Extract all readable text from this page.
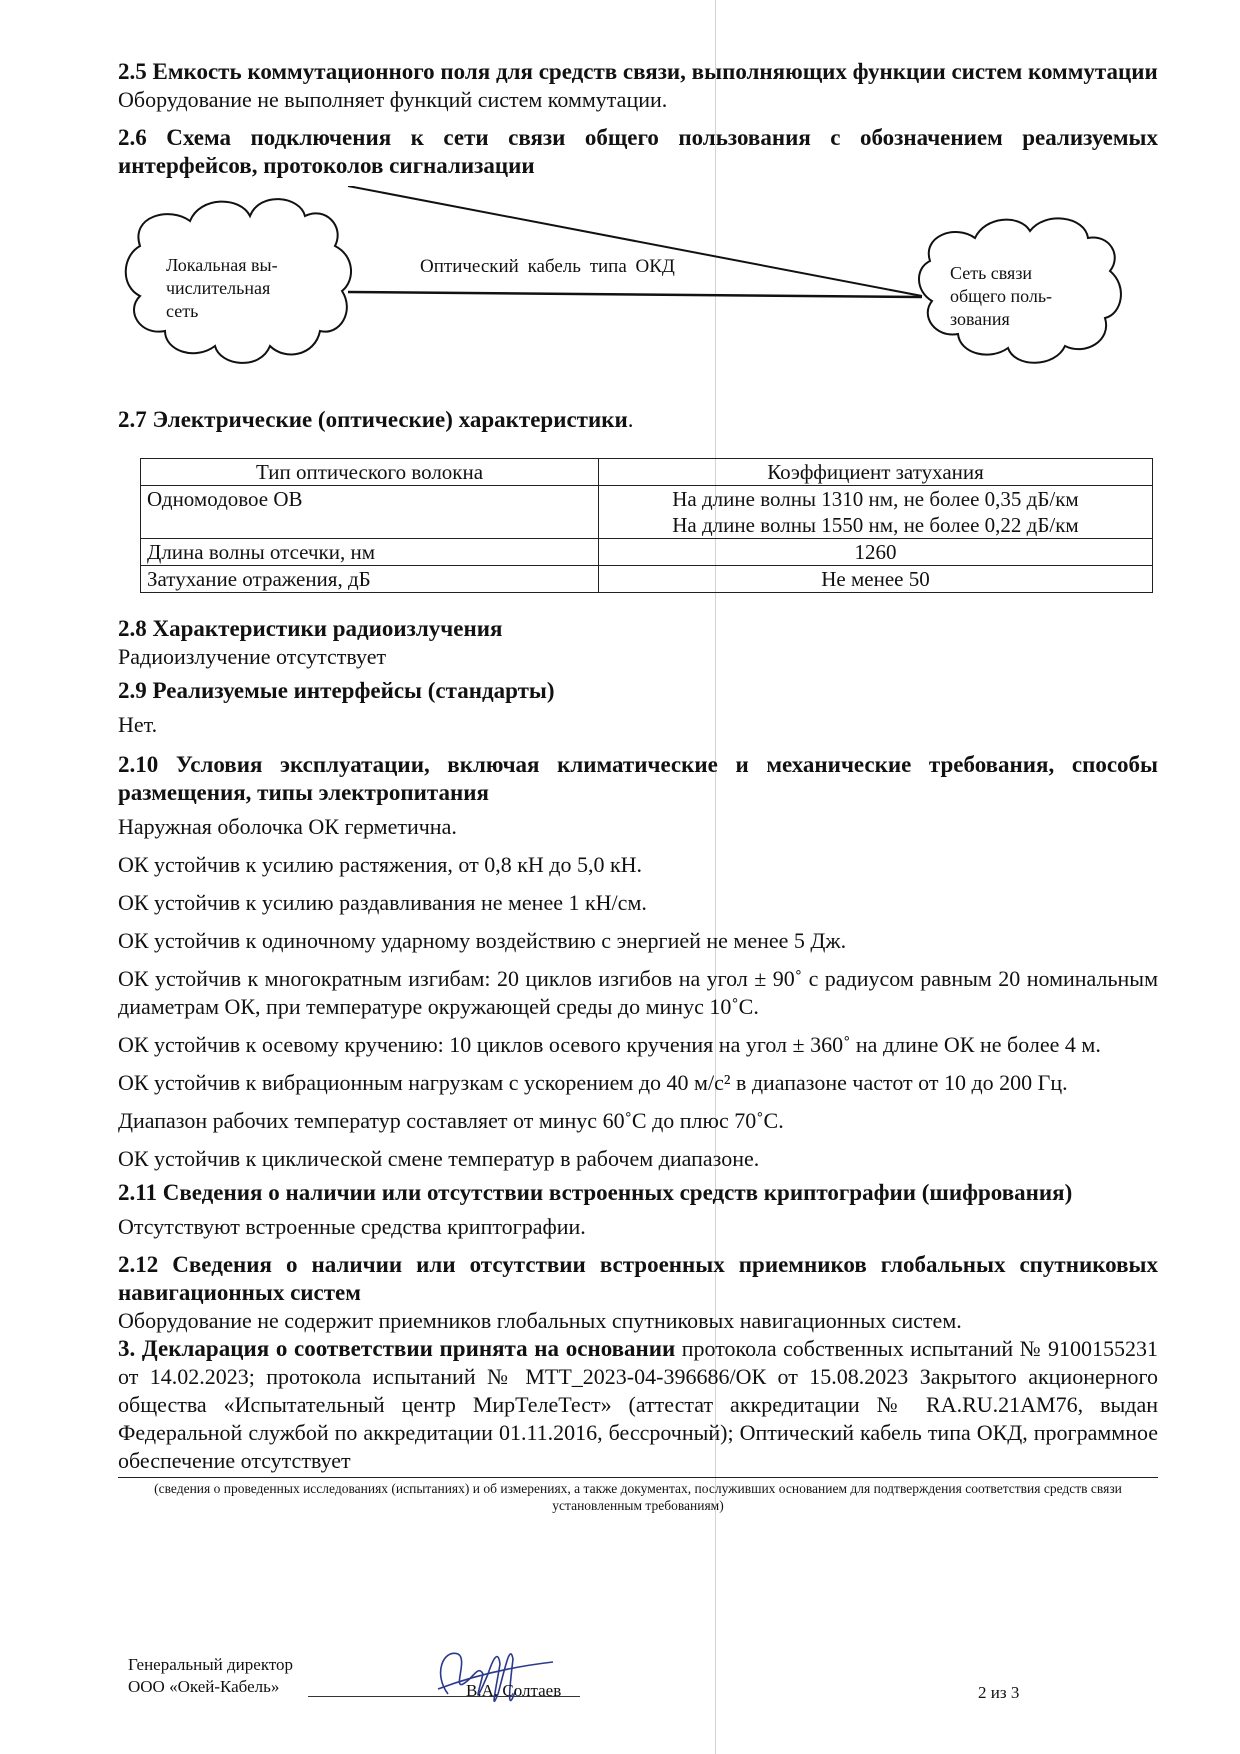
2.5 Емкость коммутационного поля для средств связи, выполняющих функции систем коммутации

Оборудование не выполняет функций систем коммутации.

2.6 Схема подключения к сети связи общего пользования с обозначением реализуемых интерфейсов, протоколов сигнализации

Локальная вы-
числительная
сеть
Оптический кабель типа ОКД	Сеть связи
общего поль-
зования

2.7 Электрические (оптические) характеристики.

Тип оптического волокна	Коэффициент затухания
Одномодовое ОВ	На длине волны 1310 нм, не более 0,35 дБ/км
На длине волны 1550 нм, не более 0,22 дБ/км

Длина волны отсечки, нм	1260
Затухание отражения, дБ	Не менее 50

2.8 Характеристики радиоизлучения

Радиоизлучение отсутствует

2.9 Реализуемые интерфейсы (стандарты)

Нет.

2.10 Условия эксплуатации, включая климатические и механические требования, способы размещения, типы электропитания

Наружная оболочка ОК герметична.

ОК устойчив к усилию растяжения, от 0,8 кН до 5,0 кН.

ОК устойчив к усилию раздавливания не менее 1 кН/см.

ОК устойчив к одиночному ударному воздействию с энергией не менее 5 Дж.

ОК устойчив к многократным изгибам: 20 циклов изгибов на угол ± 90˚ с радиусом равным 20 номинальным диаметрам ОК, при температуре окружающей среды до минус 10˚С.

ОК устойчив к осевому кручению: 10 циклов осевого кручения на угол ± 360˚ на длине ОК не более 4 м.

ОК устойчив к вибрационным нагрузкам с ускорением до 40 м/с² в диапазоне частот от 10 до 200 Гц.

Диапазон рабочих температур составляет от минус 60˚С до плюс 70˚С.

ОК устойчив к циклической смене температур в рабочем диапазоне.

2.11 Сведения о наличии или отсутствии встроенных средств криптографии (шифрования)

Отсутствуют встроенные средства криптографии.

2.12 Сведения о наличии или отсутствии встроенных приемников глобальных спутниковых навигационных систем

Оборудование не содержит приемников глобальных спутниковых навигационных систем.

3. Декларация о соответствии принята на основании протокола собственных испытаний № 9100155231 от 14.02.2023; протокола испытаний № МТТ_2023-04-396686/ОК от 15.08.2023 Закрытого акционерного общества «Испытательный центр МирТелеТест» (аттестат аккредитации № RA.RU.21АМ76, выдан Федеральной службой по аккредитации 01.11.2016, бессрочный); Оптический кабель типа ОКД, программное обеспечение отсутствует

(сведения о проведенных исследованиях (испытаниях) и об измерениях, а также документах, послуживших основанием для подтверждения соответствия средств связи установленным требованиям)
Генеральный директор
ООО «Окей-Кабель»	В.А. Солтаев	2 из 3
